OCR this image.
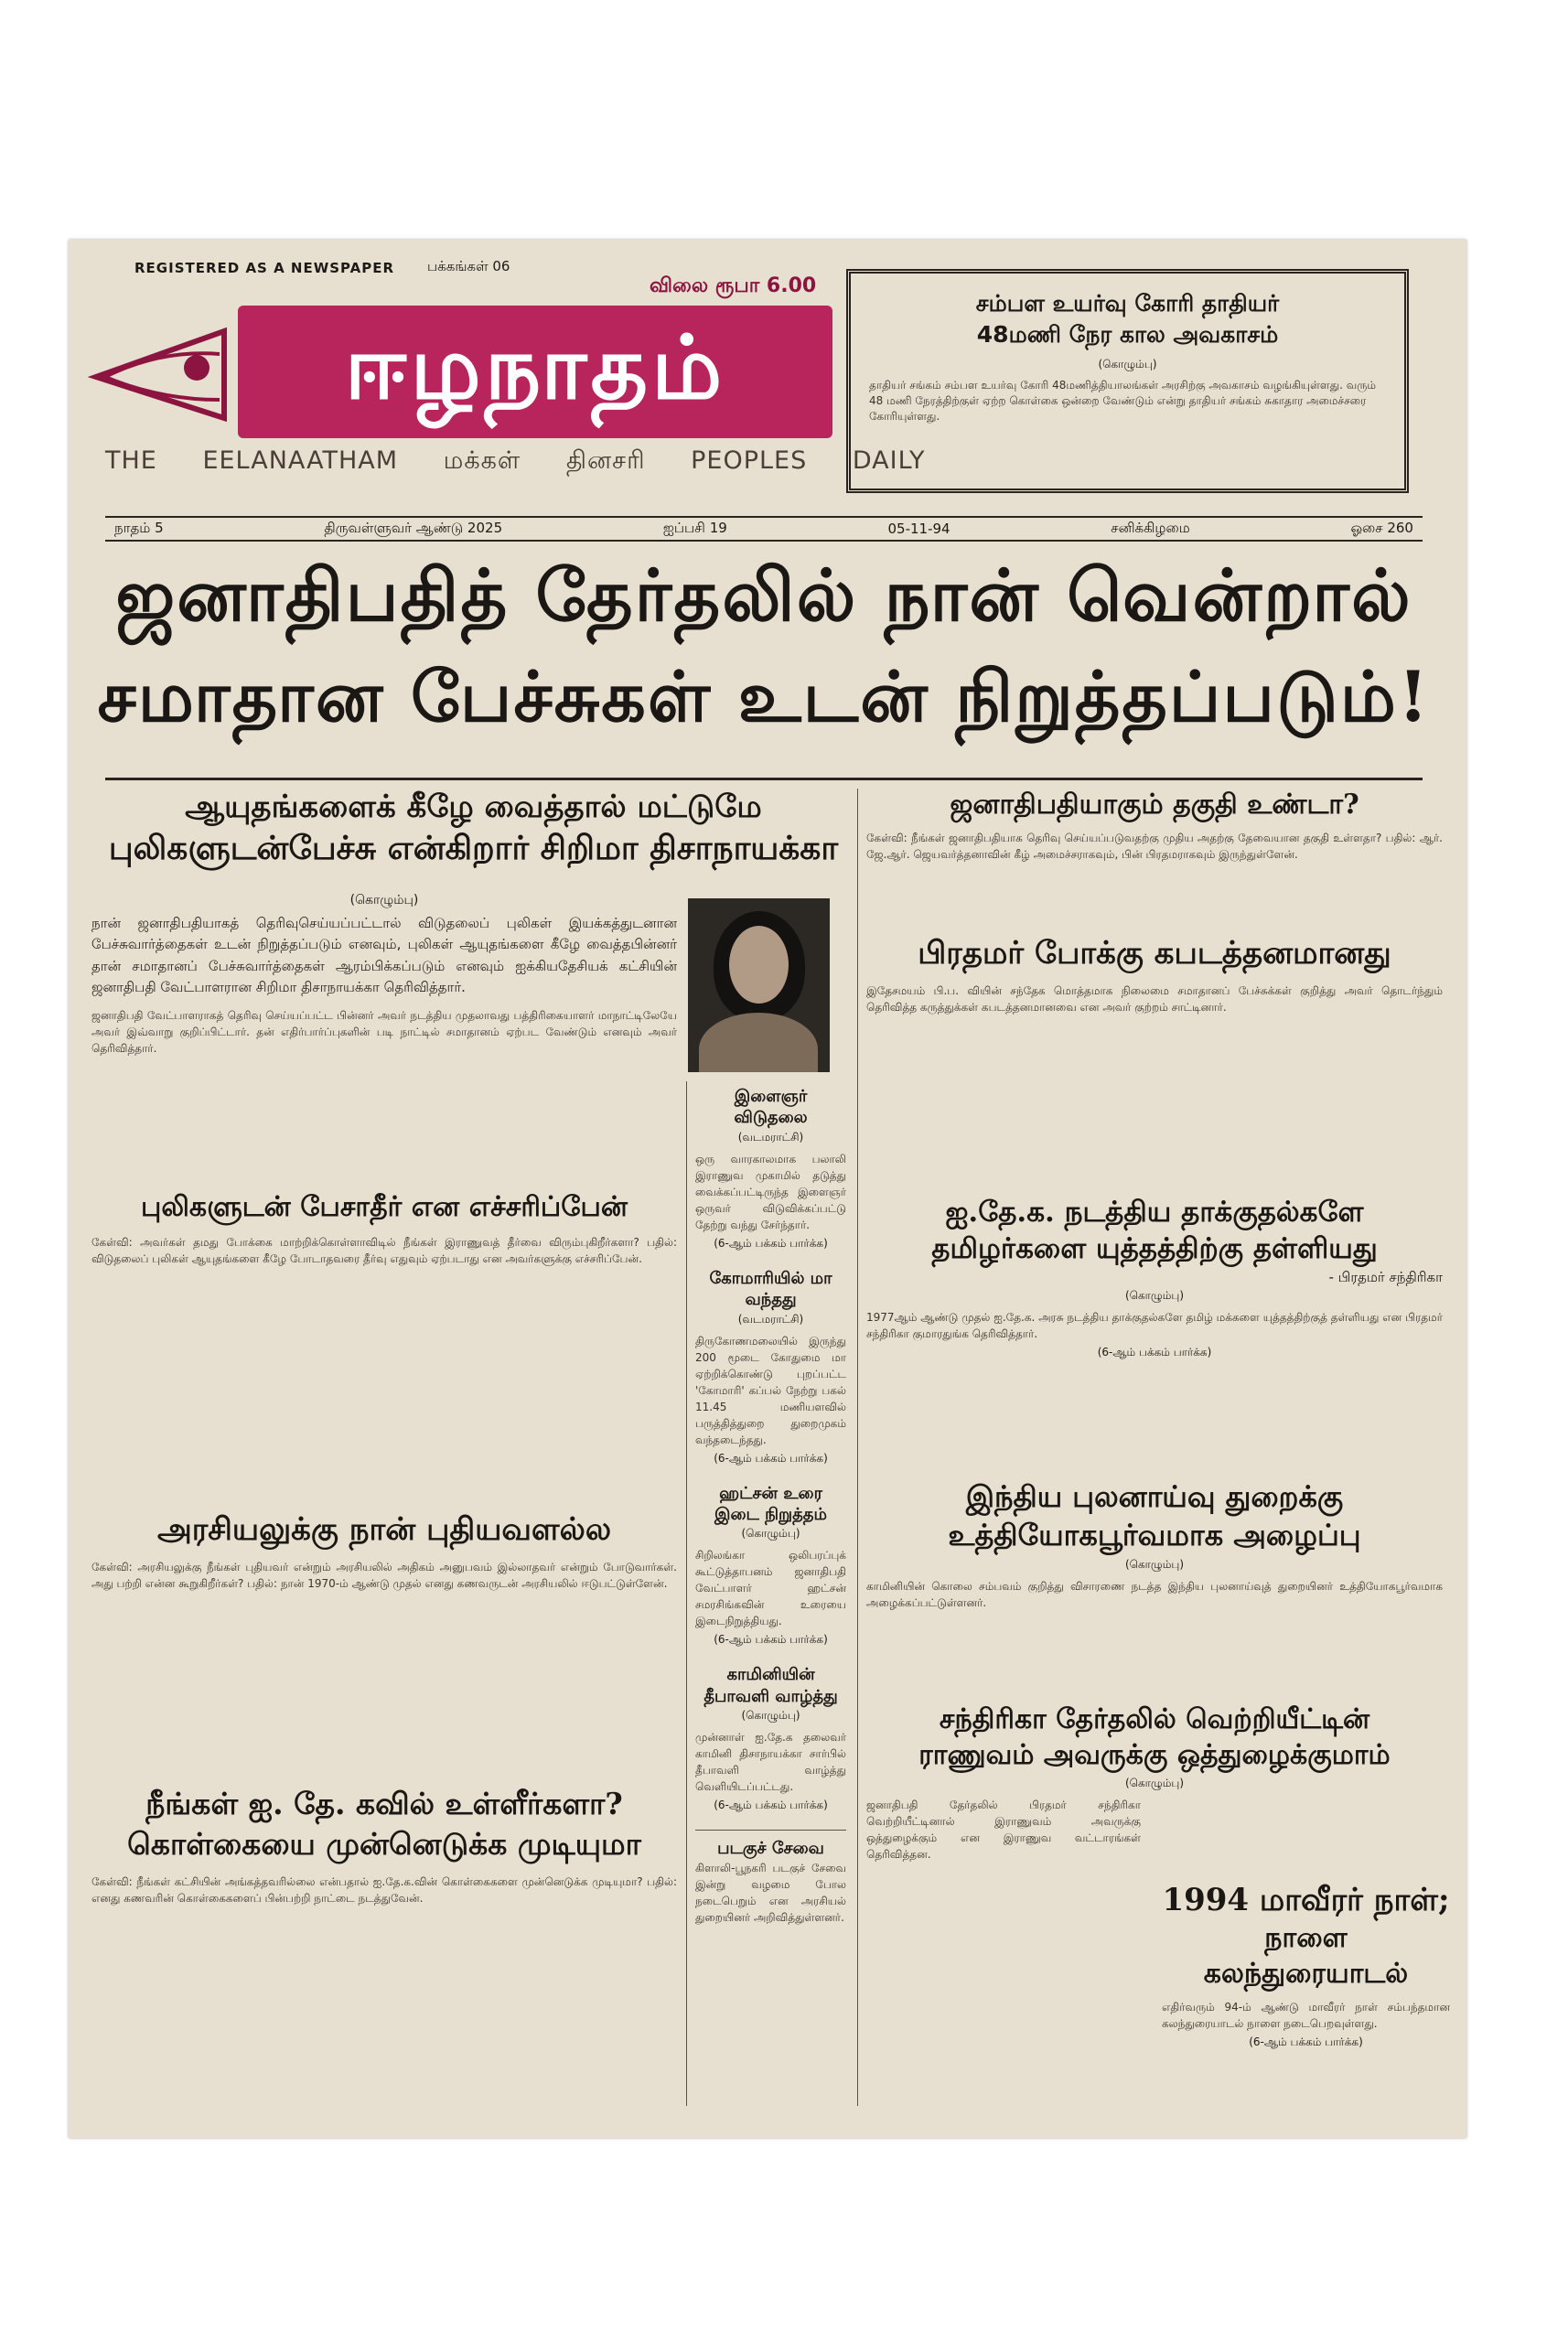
REGISTERED AS A NEWSPAPER பக்கங்கள் 06
விலை ரூபா 6.00
ஈழநாதம்
THE EELANAATHAM மக்கள் தினசரி PEOPLES DAILY
சம்பள உயர்வு கோரி தாதியர்
48மணி நேர கால அவகாசம்
(கொழும்பு)
தாதியர் சங்கம் சம்பள உயர்வு கோரி 48மணித்தியாலங்கள் அரசிற்கு அவகாசம் வழங்கியுள்ளது. வரும் 48 மணி நேரத்திற்குள் ஏற்ற கொள்கை ஒன்றை வேண்டும் என்று தாதியர் சங்கம் சுகாதார அமைச்சரை கோரியுள்ளது.
நாதம் 5	திருவள்ளுவர் ஆண்டு 2025	ஐப்பசி 19	05-11-94	சனிக்கிழமை	ஓசை 260
ஜனாதிபதித் தேர்தலில் நான் வென்றால்
சமாதான பேச்சுகள் உடன் நிறுத்தப்படும்!
ஆயுதங்களைக் கீழே வைத்தால் மட்டுமே
புலிகளுடன்பேச்சு என்கிறார் சிறிமா திசாநாயக்கா
(கொழும்பு)
நான் ஜனாதிபதியாகத் தெரிவுசெய்யப்பட்டால் விடுதலைப் புலிகள் இயக்கத்துடனான பேச்சுவார்த்தைகள் உடன் நிறுத்தப்படும் எனவும், புலிகள் ஆயுதங்களை கீழே வைத்தபின்னர் தான் சமாதானப் பேச்சுவார்த்தைகள் ஆரம்பிக்கப்படும் எனவும் ஐக்கியதேசியக் கட்சியின் ஜனாதிபதி வேட்பாளரான சிறிமா திசாநாயக்கா தெரிவித்தார்.
ஜனாதிபதி வேட்பாளராகத் தெரிவு செய்யப்பட்ட பின்னர் அவர் நடத்திய முதலாவது பத்திரிகையாளர் மாநாட்டிலேயே அவர் இவ்வாறு குறிப்பிட்டார். தன் எதிர்பார்ப்புகளின் படி நாட்டில் சமாதானம் ஏற்பட வேண்டும் எனவும் அவர் தெரிவித்தார்.
புலிகளுடன் பேசாதீர் என எச்சரிப்பேன்
கேள்வி: அவர்கள் தமது போக்கை மாற்றிக்கொள்ளாவிடில் நீங்கள் இராணுவத் தீர்வை விரும்புகிறீர்களா? பதில்: விடுதலைப் புலிகள் ஆயுதங்களை கீழே போடாதவரை தீர்வு எதுவும் ஏற்படாது என அவர்களுக்கு எச்சரிப்பேன்.
அரசியலுக்கு நான் புதியவளல்ல
கேள்வி: அரசியலுக்கு நீங்கள் புதியவர் என்றும் அரசியலில் அதிகம் அனுபவம் இல்லாதவர் என்றும் போடுவார்கள். அது பற்றி என்ன கூறுகிறீர்கள்? பதில்: நான் 1970-ம் ஆண்டு முதல் எனது கணவருடன் அரசியலில் ஈடுபட்டுள்ளேன்.
நீங்கள் ஐ. தே. கவில் உள்ளீர்களா?
கொள்கையை முன்னெடுக்க முடியுமா
கேள்வி: நீங்கள் கட்சியின் அங்கத்தவரில்லை என்பதால் ஐ.தே.க.வின் கொள்கைகளை முன்னெடுக்க முடியுமா? பதில்: எனது கணவரின் கொள்கைகளைப் பின்பற்றி நாட்டை நடத்துவேன்.
இளைஞர் விடுதலை
(வடமராட்சி)
ஒரு வாரகாலமாக பலாலி இராணுவ முகாமில் தடுத்து வைக்கப்பட்டிருந்த இளைஞர் ஒருவர் விடுவிக்கப்பட்டு தேற்று வந்து சேர்ந்தார்.
(6-ஆம் பக்கம் பார்க்க)
கோமாரியில் மா வந்தது
(வடமராட்சி)
திருகோணமலையில் இருந்து 200 மூடை கோதுமை மா ஏற்றிக்கொண்டு புறப்பட்ட 'கோமாரி' கப்பல் நேற்று பகல் 11.45 மணியளவில் பருத்தித்துறை துறைமுகம் வந்தடைந்தது.
(6-ஆம் பக்கம் பார்க்க)
ஹட்சன் உரை இடை நிறுத்தம்
(கொழும்பு)
சிறிலங்கா ஒலிபரப்புக் கூட்டுத்தாபனம் ஜனாதிபதி வேட்பாளர் ஹட்சன் சமரசிங்கவின் உரையை இடைநிறுத்தியது.
(6-ஆம் பக்கம் பார்க்க)
காமினியின் தீபாவளி வாழ்த்து
(கொழும்பு)
முன்னாள் ஐ.தே.க தலைவர் காமினி திசாநாயக்கா சார்பில் தீபாவளி வாழ்த்து வெளியிடப்பட்டது.
(6-ஆம் பக்கம் பார்க்க)
படகுச் சேவை
கிளாலி-பூநகரி படகுச் சேவை இன்று வழமை போல நடைபெறும் என அரசியல் துறையினர் அறிவித்துள்ளனர்.
ஜனாதிபதியாகும் தகுதி உண்டா?
கேள்வி: நீங்கள் ஜனாதிபதியாக தெரிவு செய்யப்படுவதற்கு முதிய அதற்கு தேவையான தகுதி உள்ளதா? பதில்: ஆர். ஜே.ஆர். ஜெயவர்த்தனாவின் கீழ் அமைச்சராகவும், பின் பிரதமராகவும் இருந்துள்ளேன்.
பிரதமர் போக்கு கபடத்தனமானது
இதேசமயம் பி.ப. வியின் சந்தேக மொத்தமாக நிலைமை சமாதானப் பேச்சுக்கள் குறித்து அவர் தொடர்ந்தும் தெரிவித்த கருத்துக்கள் கபடத்தனமானவை என அவர் குற்றம் சாட்டினார்.
ஐ.தே.க. நடத்திய தாக்குதல்களே
தமிழர்களை யுத்தத்திற்கு தள்ளியது
- பிரதமர் சந்திரிகா
(கொழும்பு)
1977ஆம் ஆண்டு முதல் ஐ.தே.க. அரசு நடத்திய தாக்குதல்களே தமிழ் மக்களை யுத்தத்திற்குத் தள்ளியது என பிரதமர் சந்திரிகா குமாரதுங்க தெரிவித்தார்.
(6-ஆம் பக்கம் பார்க்க)
இந்திய புலனாய்வு துறைக்கு
உத்தியோகபூர்வமாக அழைப்பு
(கொழும்பு)
காமினியின் கொலை சம்பவம் குறித்து விசாரணை நடத்த இந்திய புலனாய்வுத் துறையினர் உத்தியோகபூர்வமாக அழைக்கப்பட்டுள்ளனர்.
சந்திரிகா தேர்தலில் வெற்றியீட்டின்
ராணுவம் அவருக்கு ஒத்துழைக்குமாம்
(கொழும்பு)
ஜனாதிபதி தேர்தலில் பிரதமர் சந்திரிகா வெற்றியீட்டினால் இராணுவம் அவருக்கு ஒத்துழைக்கும் என இராணுவ வட்டாரங்கள் தெரிவித்தன.
1994 மாவீரர் நாள்;
நாளை கலந்துரையாடல்
எதிர்வரும் 94-ம் ஆண்டு மாவீரர் நாள் சம்பந்தமான கலந்துரையாடல் நாளை நடைபெறவுள்ளது.
(6-ஆம் பக்கம் பார்க்க)
